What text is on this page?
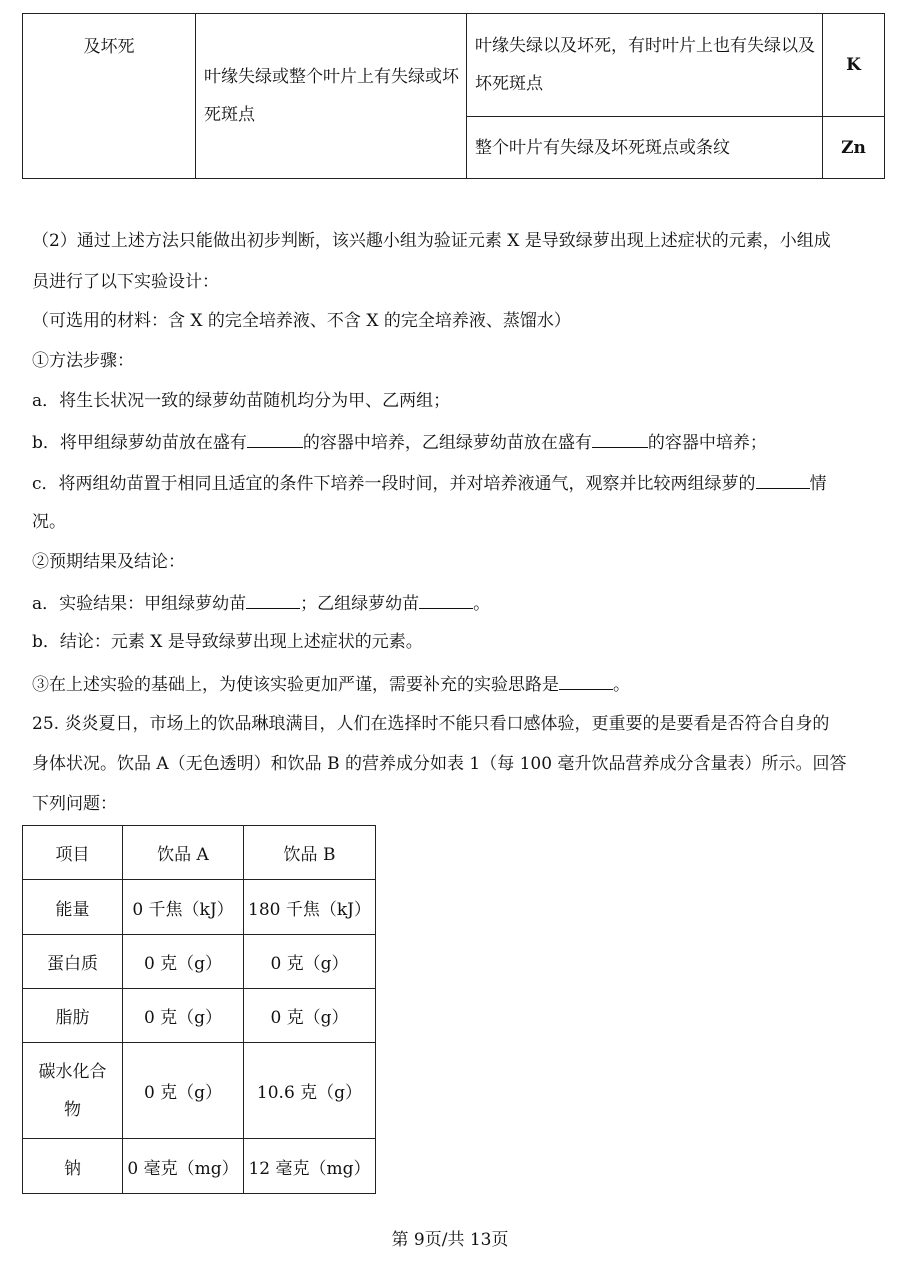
及坏死	叶缘失绿或整个叶片上有失绿或坏死斑点	叶缘失绿以及坏死，有时叶片上也有失绿以及坏死斑点	K
		整个叶片有失绿及坏死斑点或条纹	Zn
（2）通过上述方法只能做出初步判断，该兴趣小组为验证元素 X 是导致绿萝出现上述症状的元素，小组成
员进行了以下实验设计：
（可选用的材料：含 X 的完全培养液、不含 X 的完全培养液、蒸馏水）
①方法步骤：
a．将生长状况一致的绿萝幼苗随机均分为甲、乙两组；
b．将甲组绿萝幼苗放在盛有	的容器中培养，乙组绿萝幼苗放在盛有	的容器中培养；
c．将两组幼苗置于相同且适宜的条件下培养一段时间，并对培养液通气，观察并比较两组绿萝的	情
况。
②预期结果及结论：
a．实验结果：甲组绿萝幼苗	；乙组绿萝幼苗	。
b．结论：元素 X 是导致绿萝出现上述症状的元素。
③在上述实验的基础上，为使该实验更加严谨，需要补充的实验思路是	。
25. 炎炎夏日，市场上的饮品琳琅满目，人们在选择时不能只看口感体验，更重要的是要看是否符合自身的
身体状况。饮品 A（无色透明）和饮品 B 的营养成分如表 1（每 100 毫升饮品营养成分含量表）所示。回答
下列问题：
项目	饮品 A	饮品 B
能量	0 千焦（kJ）	180 千焦（kJ）
蛋白质	0 克（g）	0 克（g）
脂肪	0 克（g）	0 克（g）
碳水化合物	0 克（g）	10.6 克（g）
钠	0 毫克（mg）	12 毫克（mg）
第 9页/共 13页
